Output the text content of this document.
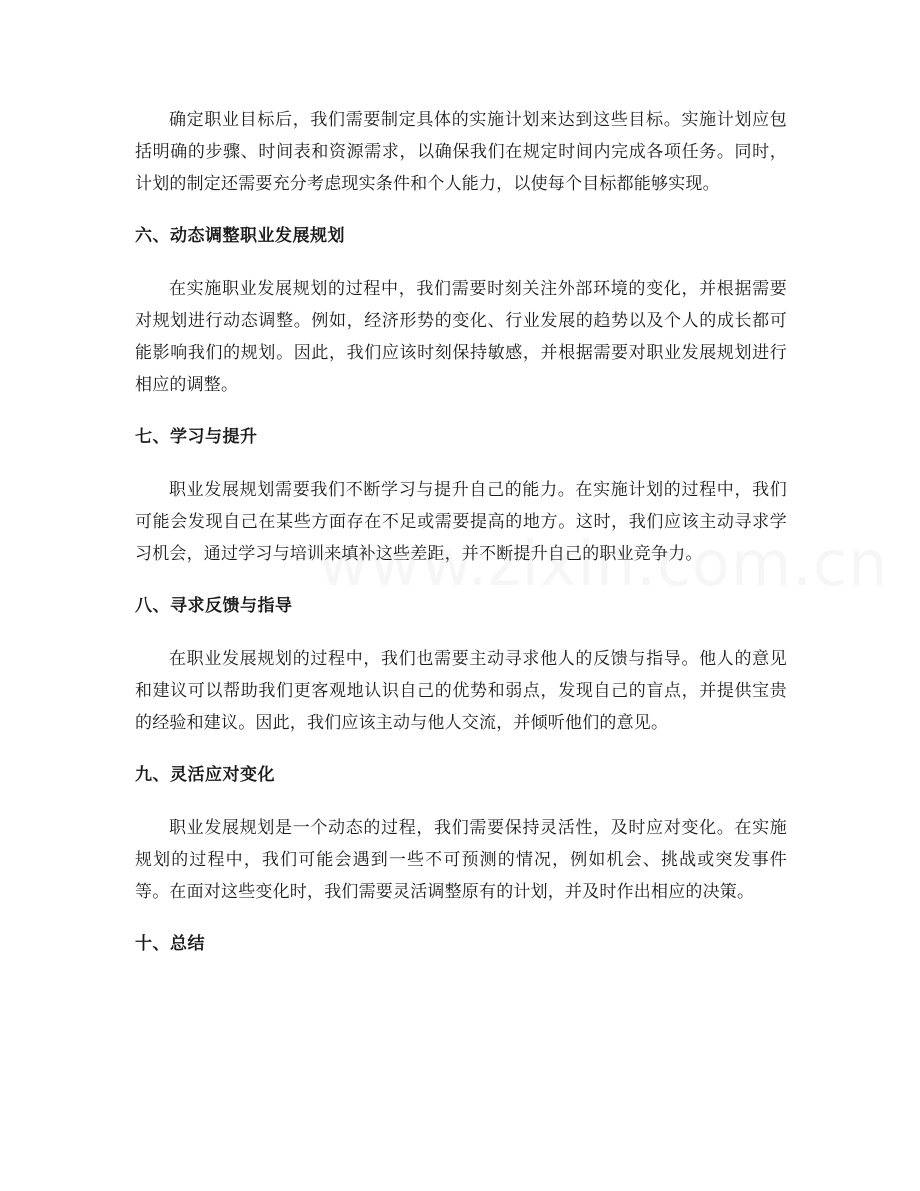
确定职业目标后，我们需要制定具体的实施计划来达到这些目标。实施计划应包括明确的步骤、时间表和资源需求，以确保我们在规定时间内完成各项任务。同时，计划的制定还需要充分考虑现实条件和个人能力，以使每个目标都能够实现。

六、动态调整职业发展规划

在实施职业发展规划的过程中，我们需要时刻关注外部环境的变化，并根据需要对规划进行动态调整。例如，经济形势的变化、行业发展的趋势以及个人的成长都可能影响我们的规划。因此，我们应该时刻保持敏感，并根据需要对职业发展规划进行相应的调整。

七、学习与提升

职业发展规划需要我们不断学习与提升自己的能力。在实施计划的过程中，我们可能会发现自己在某些方面存在不足或需要提高的地方。这时，我们应该主动寻求学习机会，通过学习与培训来填补这些差距，并不断提升自己的职业竞争力。

八、寻求反馈与指导

在职业发展规划的过程中，我们也需要主动寻求他人的反馈与指导。他人的意见和建议可以帮助我们更客观地认识自己的优势和弱点，发现自己的盲点，并提供宝贵的经验和建议。因此，我们应该主动与他人交流，并倾听他们的意见。

九、灵活应对变化

职业发展规划是一个动态的过程，我们需要保持灵活性，及时应对变化。在实施规划的过程中，我们可能会遇到一些不可预测的情况，例如机会、挑战或突发事件等。在面对这些变化时，我们需要灵活调整原有的计划，并及时作出相应的决策。

十、总结
